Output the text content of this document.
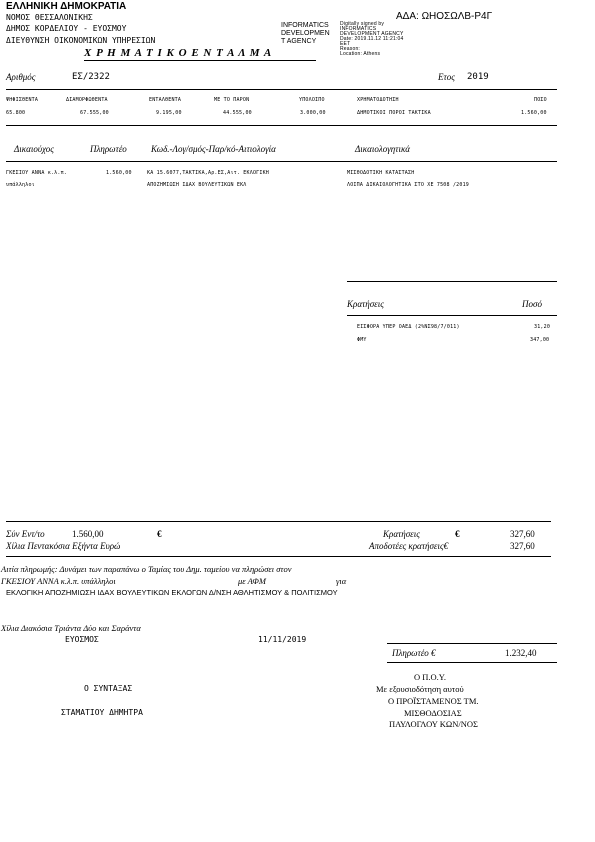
ΕΛΛΗΝΙΚΗ ΔΗΜΟΚΡΑΤΙΑ
ΝΟΜΟΣ ΘΕΣΣΑΛΟΝΙΚΗΣ
ΔΗΜΟΣ ΚΟΡΔΕΛΙΟΥ - ΕΥΟΣΜΟΥ
ΔΙΕΥΘΥΝΣΗ ΟΙΚΟΝΟΜΙΚΩΝ ΥΠΗΡΕΣΙΩΝ
Χ Ρ Η Μ Α Τ Ι Κ Ο Ε Ν Τ Α Λ Μ Α
INFORMATICS
DEVELOPMEN
T AGENCY
Digitally signed by
INFORMATICS
DEVELOPMENT AGENCY
Date: 2019.11.12 11:21:04
EET
Reason:
Location: Athens
ΑΔΑ: ΩΗΟΣΩΛΒ-Ρ4Γ
Αριθμός	ΕΣ/2322	Ετος 2019
ΨΗΦΙΣΘΕΝΤΑ	ΔΙΑΜΟΡΦΩΘΕΝΤΑ	ΕΝΤΑΛΘΕΝΤΑ	ΜΕ ΤΟ ΠΑΡΟΝ	ΥΠΟΛΟΙΠΟ	ΧΡΗΜΑΤΟΔΟΤΗΣΗ	ΠΟΣΟ
65.800	67.555,00	9.195,00	44.555,00	3.000,00	ΔΗΜΟΤΙΚΟΙ ΠΟΡΟΙ ΤΑΚΤΙΚΑ	1.560,00
Δικαιούχος	Πληρωτέο	Κωδ.-Λογ/σμός-Παρ/κό-Αιτιολογία	Δικαιολογητικά
ΓΚΕΣΙΟΥ ΑΝΝΑ κ.λ.π.	1.560,00	ΚΑ 15.6077,ΤΑΚΤΙΚΑ,Αρ.ΕΣ,Αιτ. ΕΚΛΟΓΙΚΗ	ΜΙΣΘΟΔΟΤΙΚΗ ΚΑΤΑΣΤΑΣΗ
υπάλληλοι	ΑΠΟΖΗΜΙΩΣΗ ΙΔΑΧ ΒΟΥΛΕΥΤΙΚΩΝ ΕΚΛ	ΛΟΙΠΑ ΔΙΚΑΙΟΛΟΓΗΤΙΚΑ ΣΤΟ ΧΕ 7508 /2019
Κρατήσεις	Ποσό
ΕΙΣΦΟΡΑ ΥΠΕΡ ΟΑΕΔ (2%ΝΣ98/7/011)	31,20
ΦΜΥ	347,00
Σύν Εντ/το	1.560,00	€
Χίλια Πεντακόσια Εξήντα Ευρώ
Κρατήσεις	€	327,60
Αποδοτέες κρατήσεις€	327,60
Αιτία πληρωμής: Δυνάμει των παραπάνω ο Ταμίας του Δημ. ταμείου να πληρώσει στον
ΓΚΕΣΙΟΥ ΑΝΝΑ κ.λ.π. υπάλληλοι	με ΑΦΜ	για
ΕΚΛΟΓΙΚΗ ΑΠΟΖΗΜΙΩΣΗ ΙΔΑΧ ΒΟΥΛΕΥΤΙΚΩΝ ΕΚΛΟΓΩΝ Δ/ΝΣΗ ΑΘΛΗΤΙΣΜΟΥ & ΠΟΛΙΤΙΣΜΟΥ
Χίλια Διακόσια Τριάντα Δύο και Σαράντα
ΕΥΟΣΜΟΣ	11/11/2019
Πληρωτέο €	1.232,40
Ο ΣΥΝΤΑΞΑΣ
ΣΤΑΜΑΤΙΟΥ ΔΗΜΗΤΡΑ
Ο Π.Ο.Υ.
Με εξουσιοδότηση αυτού
Ο ΠΡΟΪΣΤΑΜΕΝΟΣ ΤΜ.
ΜΙΣΘΟΔΟΣΙΑΣ
ΠΑΥΛΟΓΛΟΥ ΚΩΝ/ΝΟΣ
